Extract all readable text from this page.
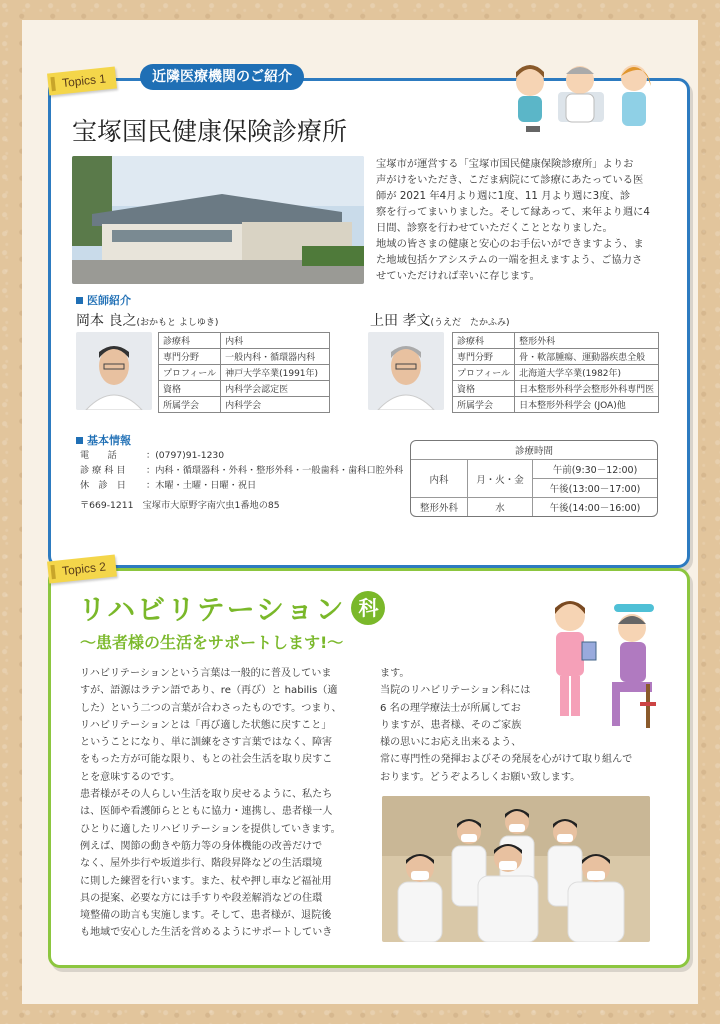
Topics 1	近隣医療機関のご紹介
宝塚国民健康保険診療所
宝塚市が運営する「宝塚市国民健康保険診療所」よりお
声がけをいただき、こだま病院にて診療にあたっている医
師が 2021 年4月より週に1度、11 月より週に3度、診
察を行ってまいりました。そして縁あって、来年より週に4
日間、診察を行わせていただくこととなりました。
地域の皆さまの健康と安心のお手伝いができますよう、ま
た地域包括ケアシステムの一端を担えますよう、ご協力さ
せていただければ幸いに存じます。
医師紹介
岡本 良之(おかもと よしゆき)
診療科	内科
専門分野	一般内科・循環器内科
プロフィール	神戸大学卒業(1991年)
資格	内科学会認定医
所属学会	内科学会
上田 孝文(うえだ　たかふみ)
診療科	整形外科
専門分野	骨・軟部腫瘍、運動器疾患全般
プロフィール	北海道大学卒業(1982年)
資格	日本整形外科学会整形外科専門医
所属学会	日本整形外科学会 (JOA)他
基本情報
電　　話	：(0797)91-1230
診 療 科 目 ：内科・循環器科・外科・整形外科・一般歯科・歯科口腔外科
休　診　日 ：木曜・土曜・日曜・祝日
〒669-1211　宝塚市大原野字南穴虫1番地の85
診療時間		
内科	月・火・金	午前(9:30－12:00)
		午後(13:00－17:00)
整形外科	水	午後(14:00－16:00)
Topics 2
リハビリテーション 科
～患者様の生活をサポートします!～
リハビリテーションという言葉は一般的に普及していま
すが、語源はラテン語であり、re（再び）と habilis（適
した）という二つの言葉が合わさったものです。つまり、
リハビリテーションとは「再び適した状態に戻すこと」
ということになり、単に訓練をさす言葉ではなく、障害
をもった方が可能な限り、もとの社会生活を取り戻すこ
とを意味するのです。
患者様がその人らしい生活を取り戻せるように、私たち
は、医師や看護師らとともに協力・連携し、患者様一人
ひとりに適したリハビリテーションを提供していきます。
例えば、関節の動きや筋力等の身体機能の改善だけで
なく、屋外歩行や坂道歩行、階段昇降などの生活環境
に則した練習を行います。また、杖や押し車など福祉用
具の提案、必要な方には手すりや段差解消などの住環
境整備の助言も実施します。そして、患者様が、退院後
も地域で安心した生活を営めるようにサポートしていき
ます。
当院のリハビリテーション科には
6 名の理学療法士が所属してお
りますが、患者様、そのご家族
様の思いにお応え出来るよう、
常に専門性の発揮およびその発展を心がけて取り組んで
おります。どうぞよろしくお願い致します。
